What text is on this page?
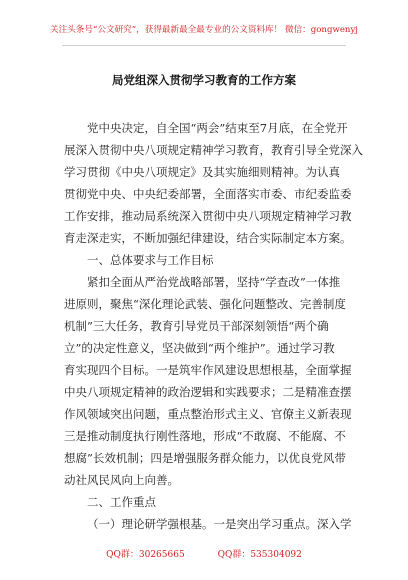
关注头条号“公文研究”，获得最新最全最专业的公文资料库！ 微信：gongwenyj
局党组深入贯彻学习教育的工作方案
党中央决定，自全国“两会”结束至7月底，在全党开
展深入贯彻中央八项规定精神学习教育，教育引导全党深入
学习贯彻《中央八项规定》及其实施细则精神。为认真
贯彻党中央、中央纪委部署，全面落实市委、市纪委监委
工作安排，推动局系统深入贯彻中央八项规定精神学习教
育走深走实，不断加强纪律建设，结合实际制定本方案。
一、总体要求与工作目标
紧扣全面从严治党战略部署，坚持“学查改”一体推
进原则，聚焦“深化理论武装、强化问题整改、完善制度
机制”三大任务，教育引导党员干部深刻领悟“两个确
立”的决定性意义，坚决做到“两个维护”。通过学习教
育实现四个目标。一是筑牢作风建设思想根基，全面掌握
中央八项规定精神的政治逻辑和实践要求；二是精准查摆
作风领域突出问题，重点整治形式主义、官僚主义新表现
三是推动制度执行刚性落地，形成“不敢腐、不能腐、不
想腐”长效机制；四是增强服务群众能力，以优良党风带
动社风民风向上向善。
二、工作重点
（一）理论研学强根基。一是突出学习重点。深入学
QQ群：30265665	QQ群：535304092
